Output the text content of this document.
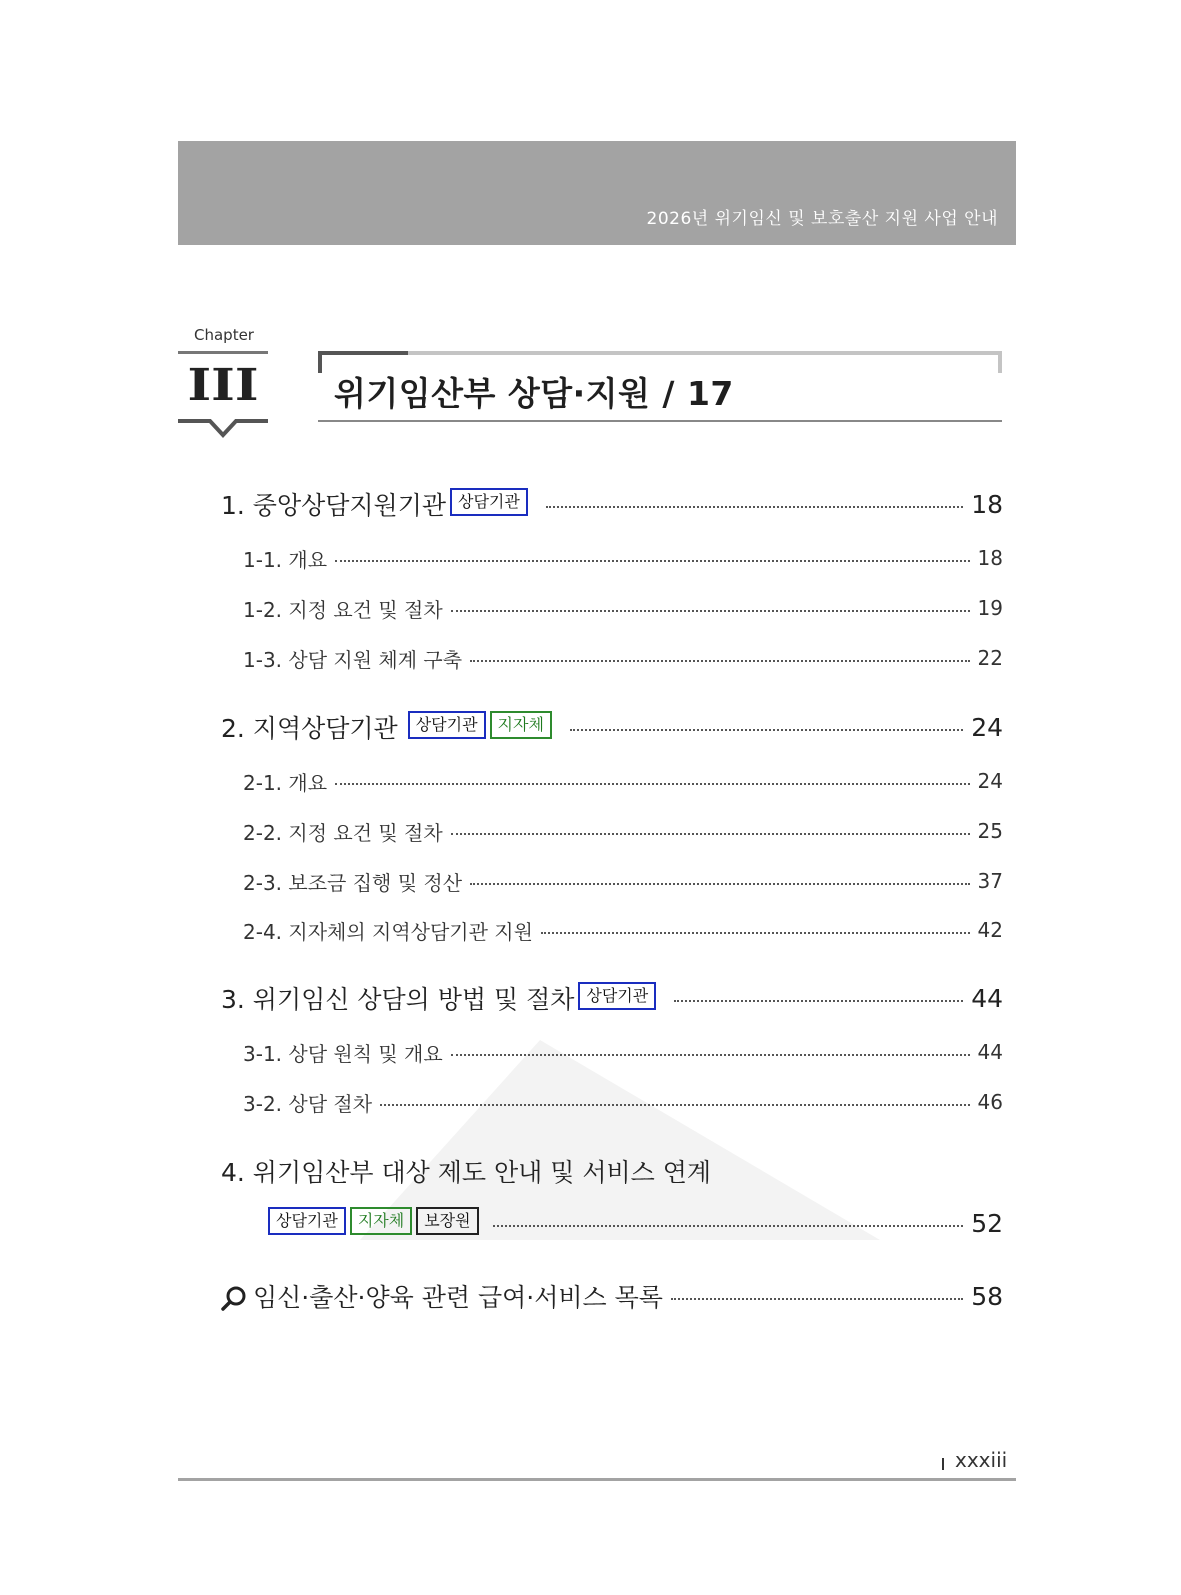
2026년 위기임신 및 보호출산 지원 사업 안내
Chapter
III	위기임산부 상담·지원 / 17
1. 중앙상담지원기관 상담기관	18
1-1. 개요	18
1-2. 지정 요건 및 절차	19
1-3. 상담 지원 체계 구축	22
2. 지역상담기관	상담기관	지자체	24
2-1. 개요	24
2-2. 지정 요건 및 절차	25
2-3. 보조금 집행 및 정산	37
2-4. 지자체의 지역상담기관 지원	42
3. 위기임신 상담의 방법 및 절차 상담기관	44
3-1. 상담 원칙 및 개요	44
3-2. 상담 절차	46
4. 위기임산부 대상 제도 안내 및 서비스 연계
상담기관	지자체	보장원	52
임신·출산·양육 관련 급여·서비스 목록	58
xxxiii
